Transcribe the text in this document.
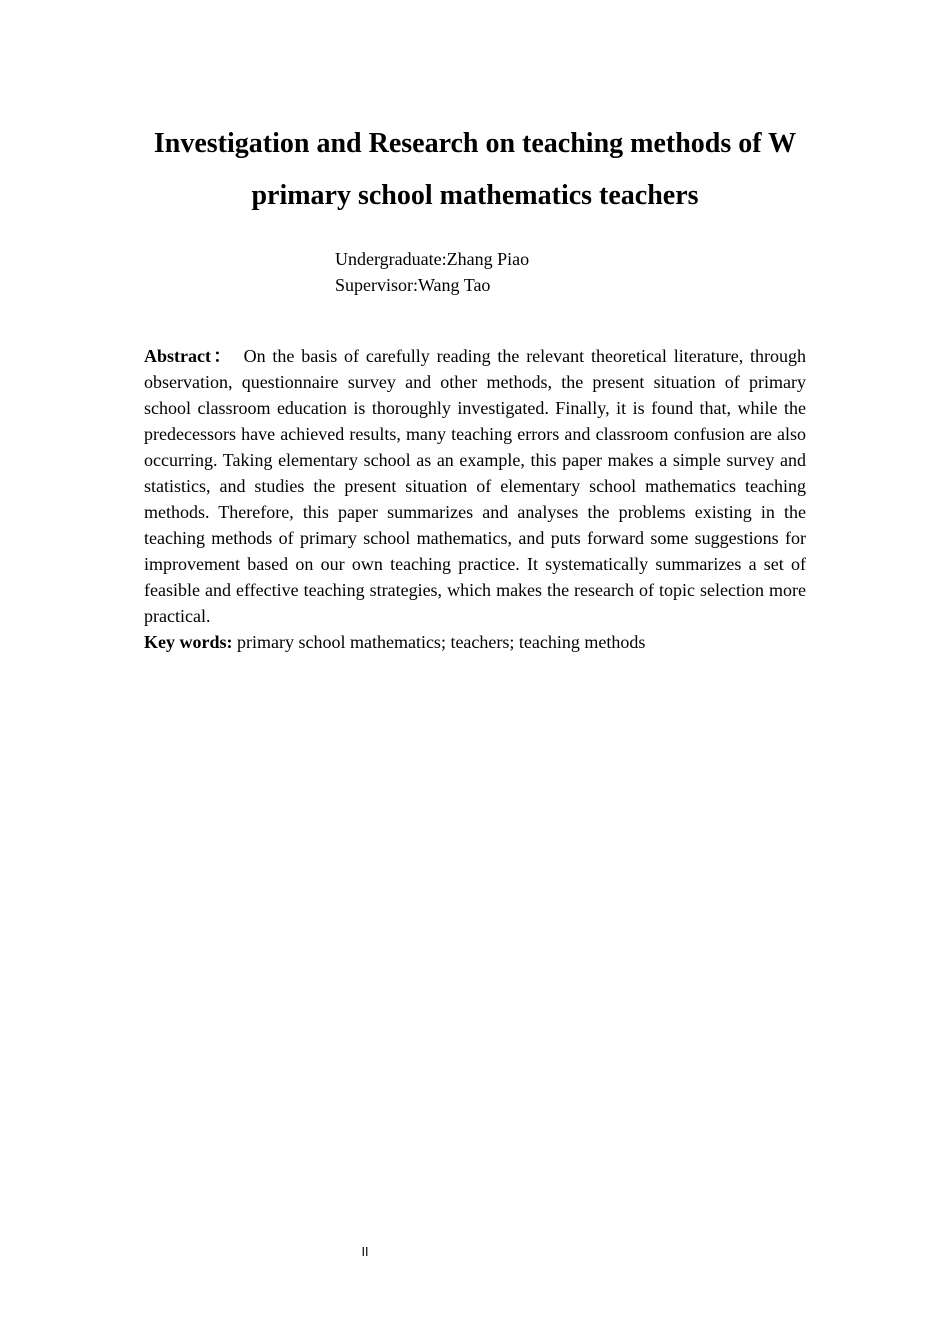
Investigation and Research on teaching methods of W
primary school mathematics teachers
Undergraduate:Zhang Piao
Supervisor:Wang Tao

Abstract： On the basis of carefully reading the relevant theoretical literature, through observation, questionnaire survey and other methods, the present situation of primary school classroom education is thoroughly investigated. Finally, it is found that, while the predecessors have achieved results, many teaching errors and classroom confusion are also occurring. Taking elementary school as an example, this paper makes a simple survey and statistics, and studies the present situation of elementary school mathematics teaching methods. Therefore, this paper summarizes and analyses the problems existing in the teaching methods of primary school mathematics, and puts forward some suggestions for improvement based on our own teaching practice. It systematically summarizes a set of feasible and effective teaching strategies, which makes the research of topic selection more practical.

Key words: primary school mathematics; teachers; teaching methods

II
